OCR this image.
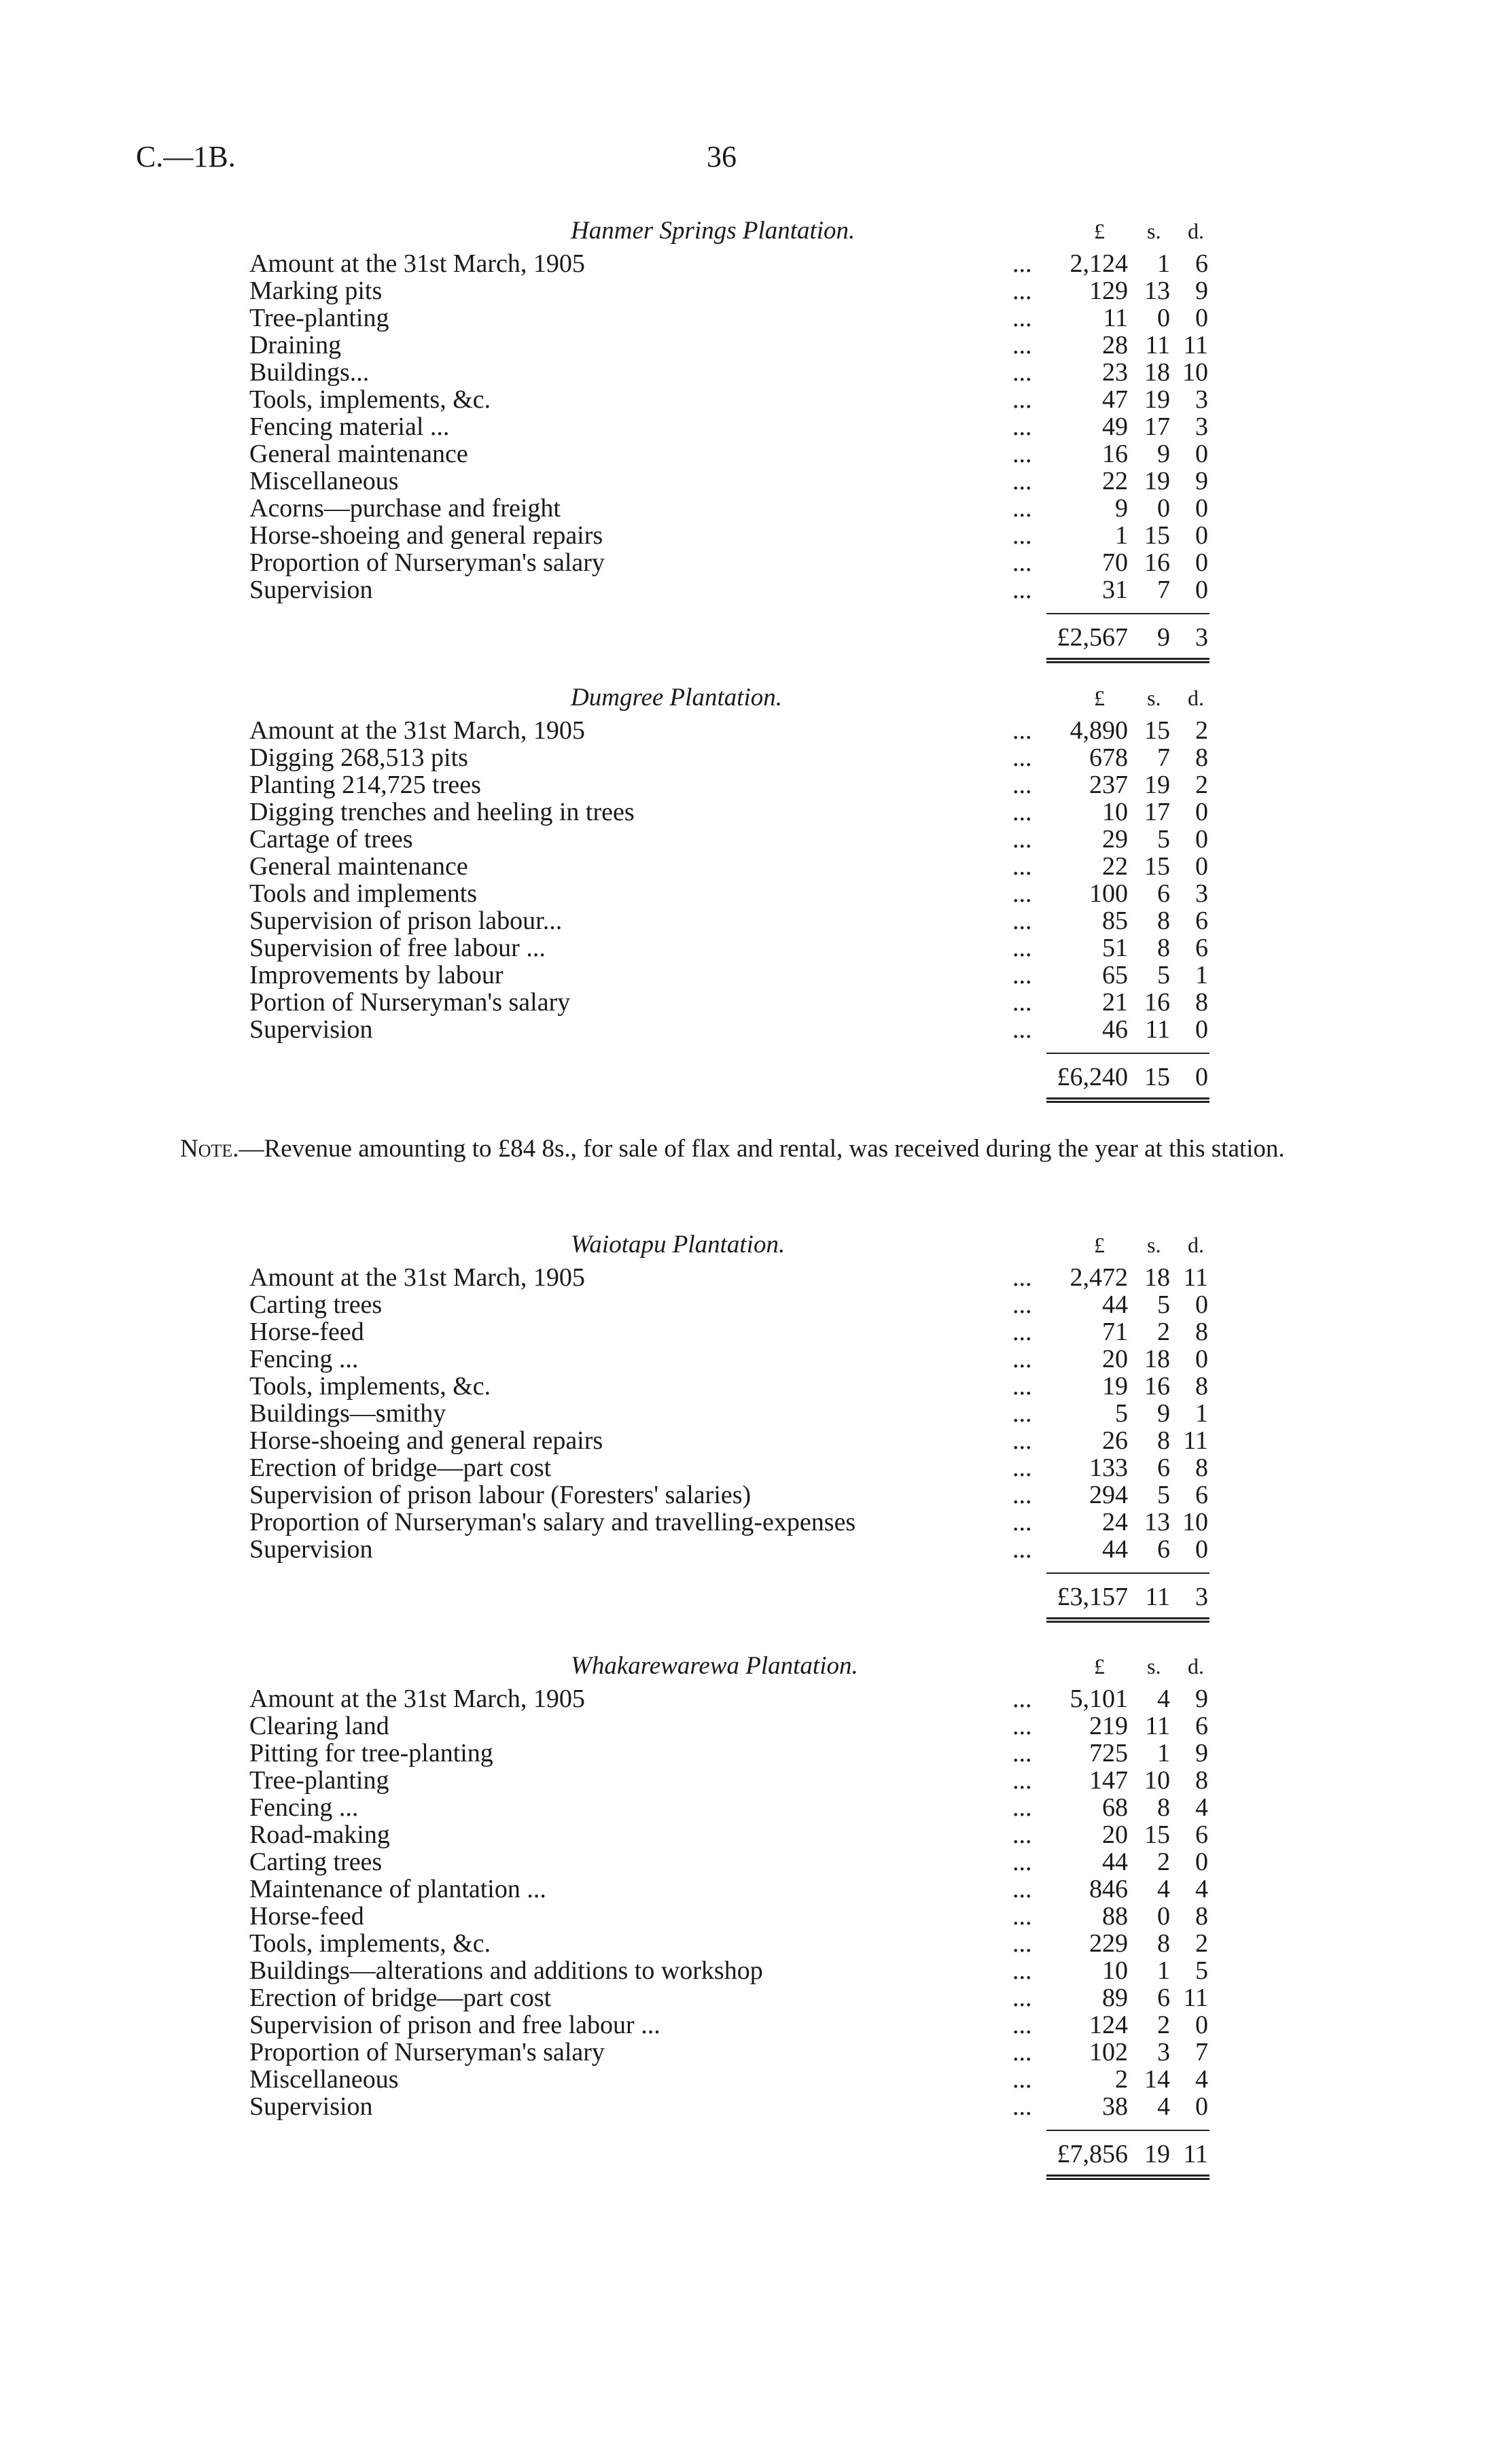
C.—1B.	36
Hanmer Springs Plantation.	£ s. d.
Amount at the 31st March, 1905	...	2,124	1 6
Marking pits	...	129 13 9
Tree-planting	...	11	0 0
Draining	...	28 11 11
Buildings...	...	23 18 10
Tools, implements, &c.	...	47 19 3
Fencing material ...	...	49 17 3
General maintenance	...	16	9 0
Miscellaneous	...	22 19 9
Acorns—purchase and freight	...	9	0 0
Horse-shoeing and general repairs	...	1 15 0
Proportion of Nurseryman's salary	...	70 16 0
Supervision	...	31	7 0
£2,567	9 3
Dumgree Plantation.	£ s. d.
Amount at the 31st March, 1905	...	4,890 15 2
Digging 268,513 pits	...	678	7 8
Planting 214,725 trees	...	237 19 2
Digging trenches and heeling in trees	...	10 17 0
Cartage of trees	...	29	5 0
General maintenance	...	22 15 0
Tools and implements	...	100	6 3
Supervision of prison labour...	...	85	8 6
Supervision of free labour ...	...	51	8 6
Improvements by labour	...	65	5 1
Portion of Nurseryman's salary	...	21 16 8
Supervision	...	46 11 0
£6,240 15 0
Waiotapu Plantation.	£ s. d.
Amount at the 31st March, 1905	...	2,472 18 11
Carting trees	...	44	5 0
Horse-feed	...	71	2 8
Fencing ...	...	20 18 0
Tools, implements, &c.	...	19 16 8
Buildings—smithy	...	5	9 1
Horse-shoeing and general repairs	...	26	8 11
Erection of bridge—part cost	...	133	6 8
Supervision of prison labour (Foresters' salaries)	...	294	5 6
Proportion of Nurseryman's salary and travelling-expenses	...	24 13 10
Supervision	...	44	6 0
£3,157 11 3
Whakarewarewa Plantation.	£ s. d.
Amount at the 31st March, 1905	...	5,101	4 9
Clearing land	...	219 11 6
Pitting for tree-planting	...	725	1 9
Tree-planting	...	147 10 8
Fencing ...	...	68	8 4
Road-making	...	20 15 6
Carting trees	...	44	2 0
Maintenance of plantation ...	...	846	4 4
Horse-feed	...	88	0 8
Tools, implements, &c.	...	229	8 2
Buildings—alterations and additions to workshop	...	10	1 5
Erection of bridge—part cost	...	89	6 11
Supervision of prison and free labour ...	...	124	2 0
Proportion of Nurseryman's salary	...	102	3 7
Miscellaneous	...	2 14 4
Supervision	...	38	4 0
£7,856 19 11
Note.—Revenue amounting to £84 8s., for sale of flax and rental, was received during the year at this station.
